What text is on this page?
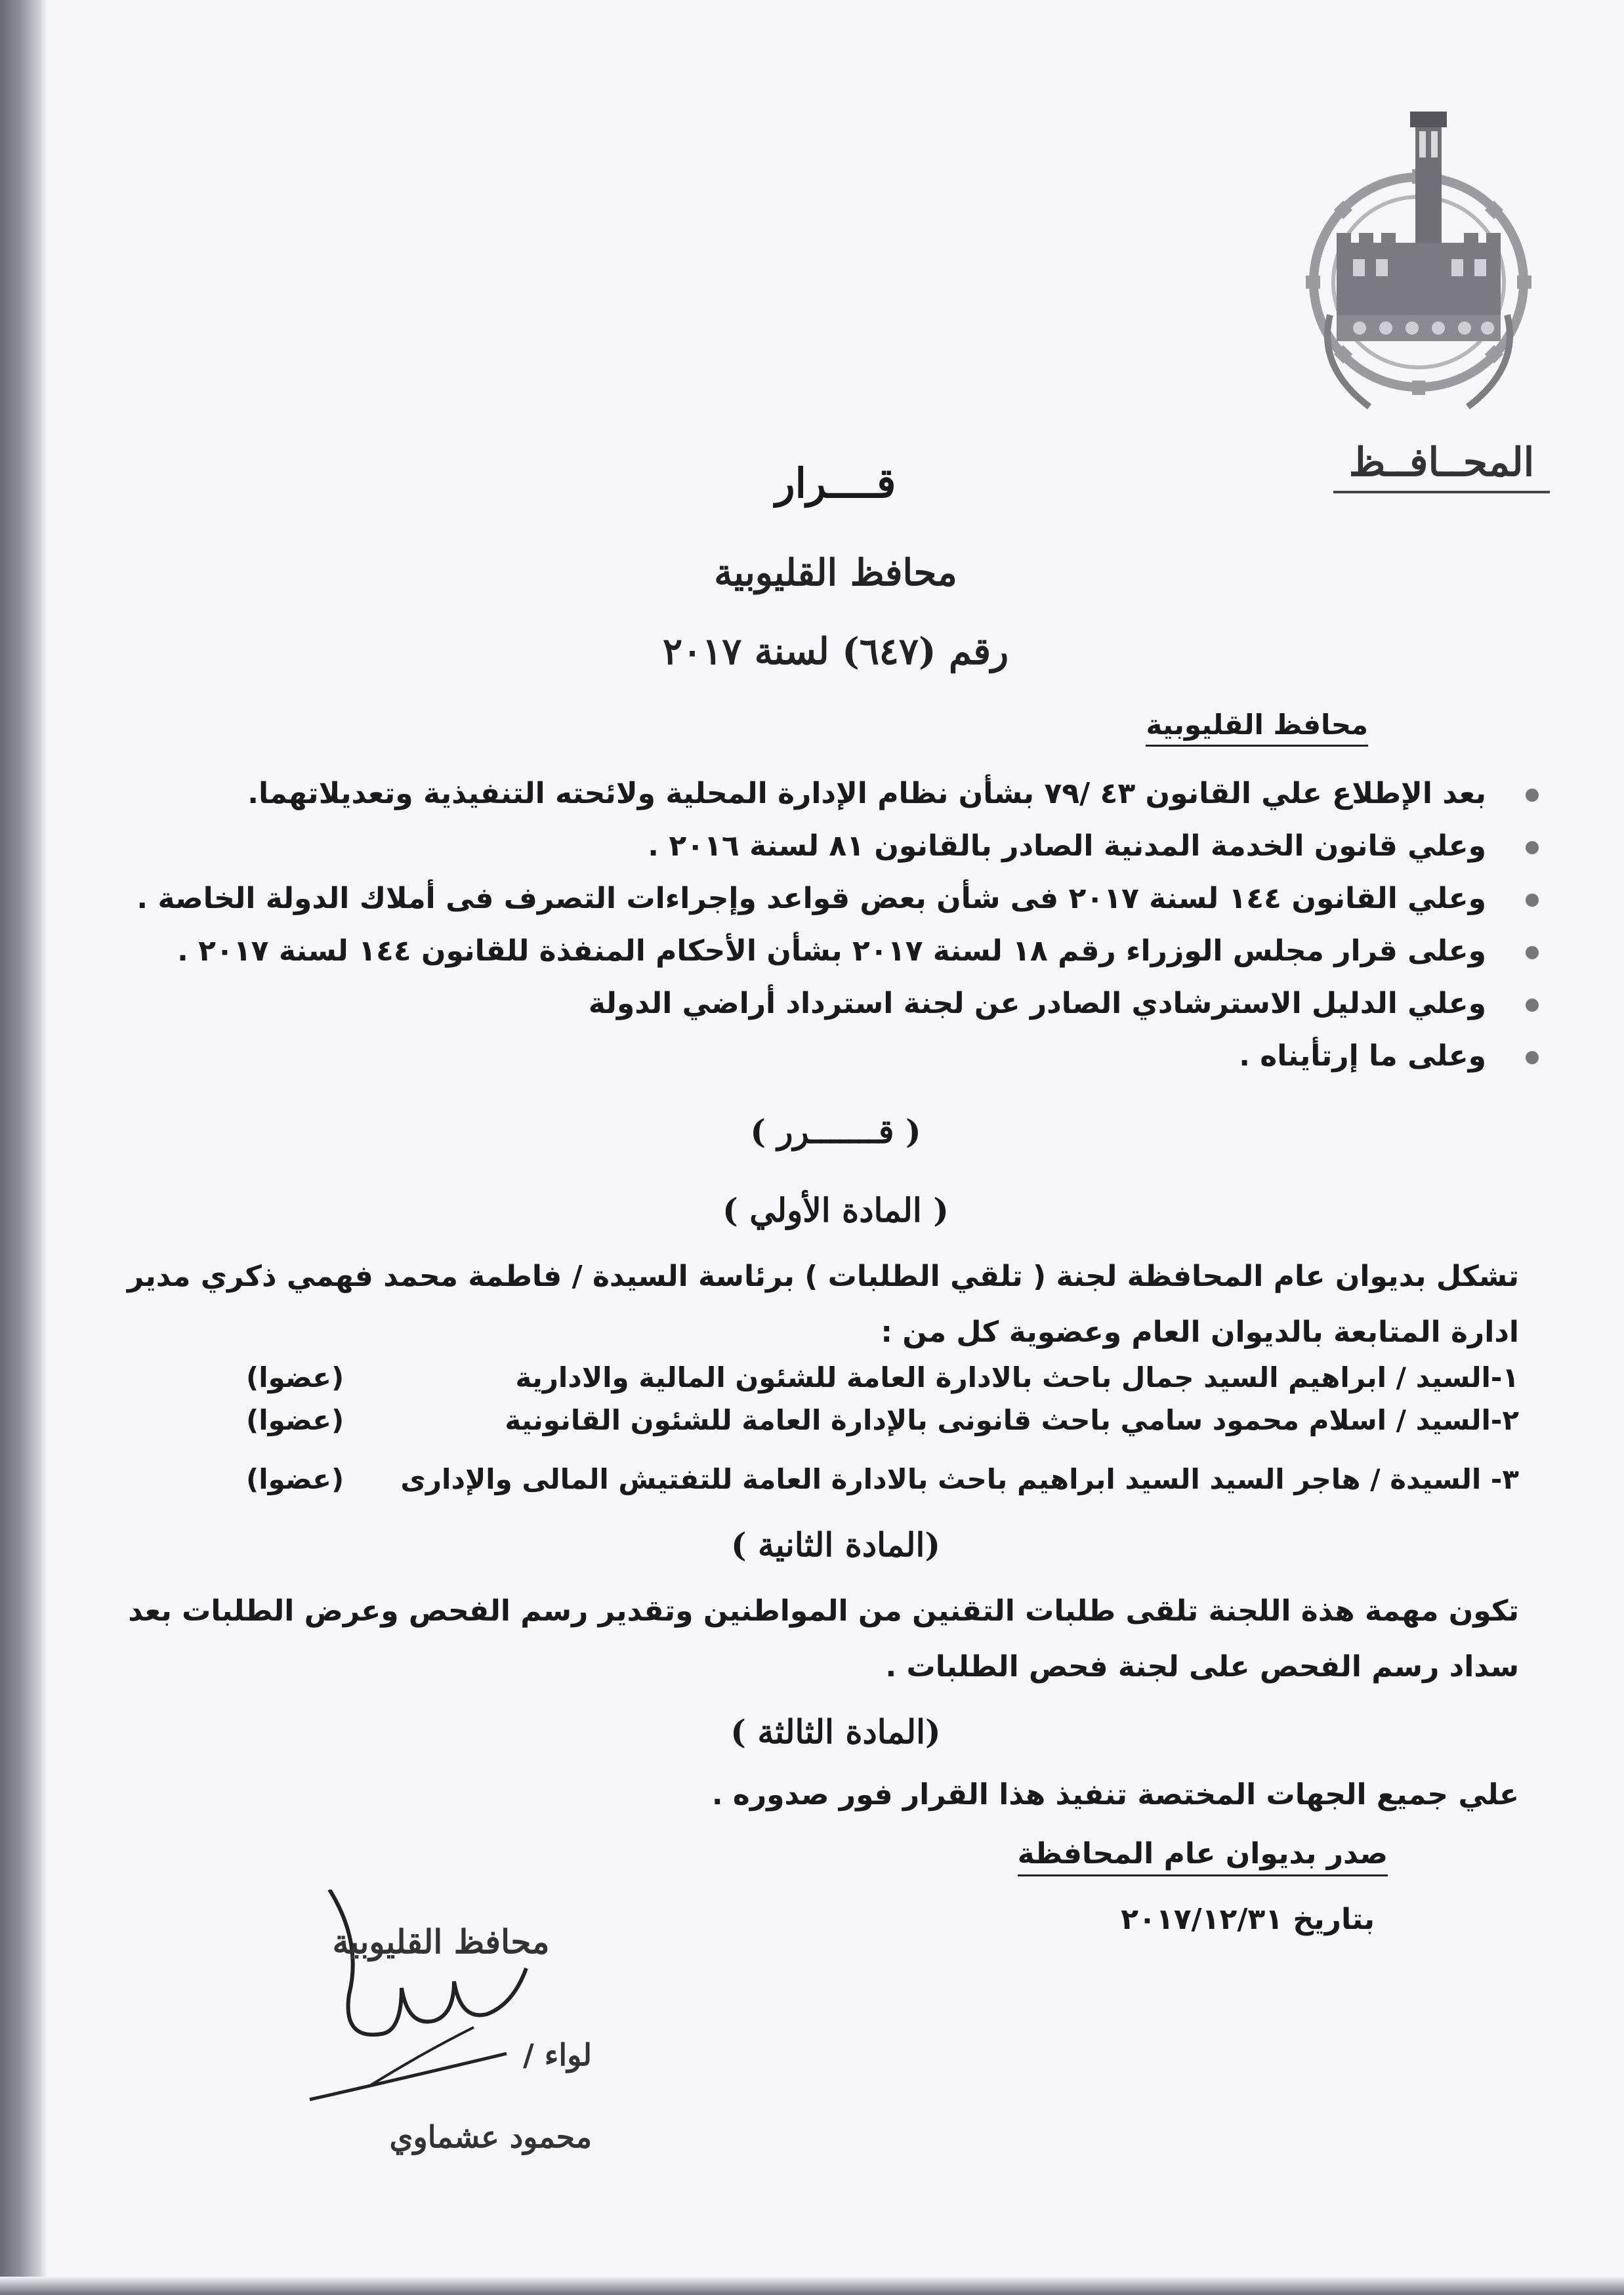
المحــافــظ
قــــرار
محافظ القليوبية
رقم (٦٤٧) لسنة ٢٠١٧
محافظ القليوبية
بعد الإطلاع علي القانون ٤٣ /٧٩ بشأن نظام الإدارة المحلية ولائحته التنفيذية وتعديلاتهما.
وعلي قانون الخدمة المدنية الصادر بالقانون ٨١ لسنة ٢٠١٦ .
وعلي القانون ١٤٤ لسنة ٢٠١٧ فى شأن بعض قواعد وإجراءات التصرف فى أملاك الدولة الخاصة .
وعلى قرار مجلس الوزراء رقم ١٨ لسنة ٢٠١٧ بشأن الأحكام المنفذة للقانون ١٤٤ لسنة ٢٠١٧ .
وعلي الدليل الاسترشادي الصادر عن لجنة استرداد أراضي الدولة
وعلى ما إرتأيناه .
( قـــــــرر )
( المادة الأولي )
تشكل بديوان عام المحافظة لجنة ( تلقي الطلبات ) برئاسة السيدة / فاطمة محمد فهمي ذكري مدير
ادارة المتابعة بالديوان العام وعضوية كل من :
١-السيد / ابراهيم السيد جمال باحث بالادارة العامة للشئون المالية والادارية
(عضوا)
٢-السيد / اسلام محمود سامي باحث قانونى بالإدارة العامة للشئون القانونية
(عضوا)
٣- السيدة / هاجر السيد السيد ابراهيم باحث بالادارة العامة للتفتيش المالى والإدارى
(عضوا)
(المادة الثانية )
تكون مهمة هذة اللجنة تلقى طلبات التقنين من المواطنين وتقدير رسم الفحص وعرض الطلبات بعد
سداد رسم الفحص على لجنة فحص الطلبات .
(المادة الثالثة )
علي جميع الجهات المختصة تنفيذ هذا القرار فور صدوره .
صدر بديوان عام المحافظة
بتاريخ ٢٠١٧/١٢/٣١
محافظ القليوبية
لواء /
محمود عشماوي
